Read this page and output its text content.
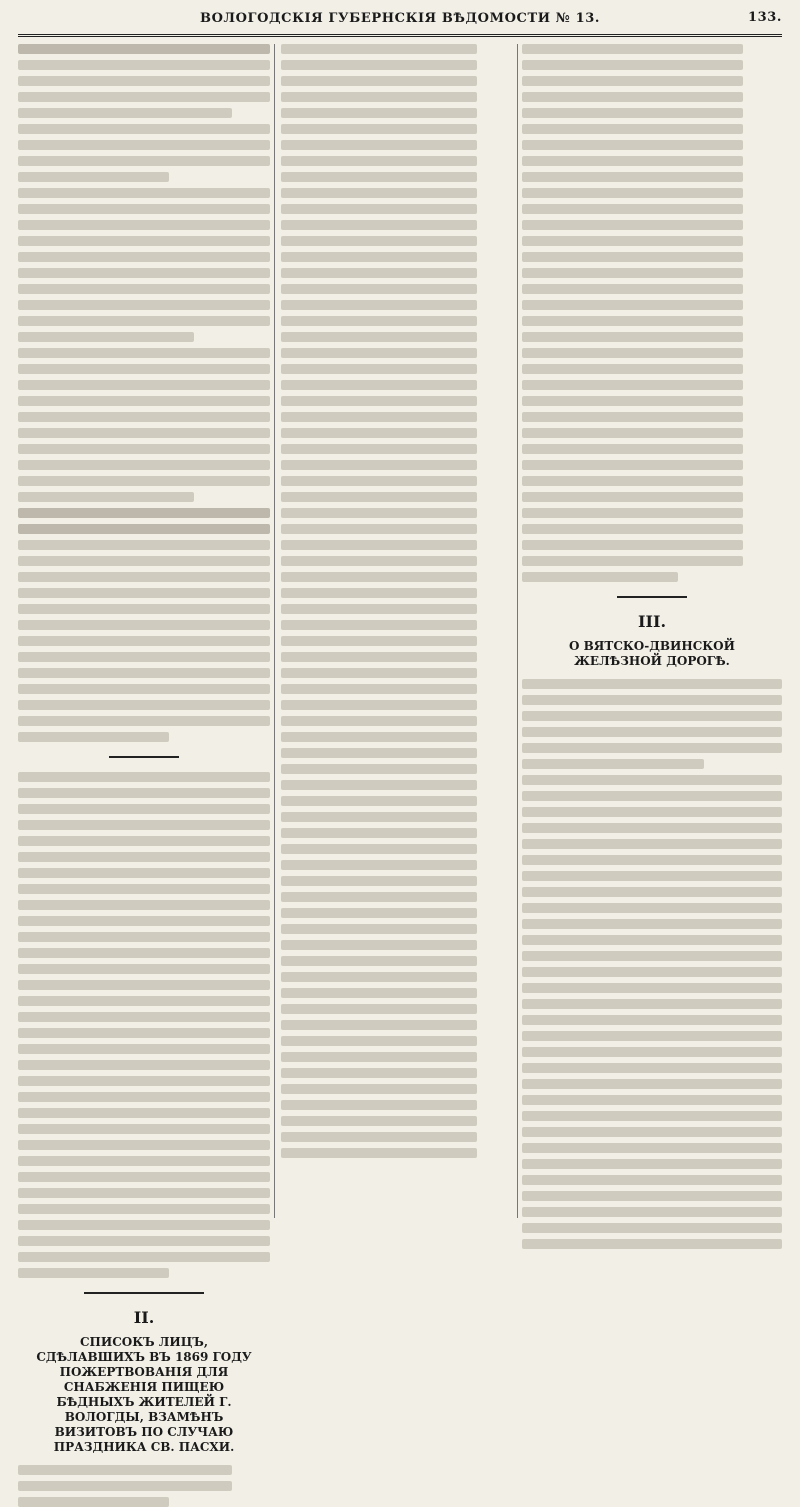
ВОЛОГОДСКІЯ ГУБЕРНСКІЯ ВѢДОМОСТИ № 13.	133.
II.
СПИСОКЪ ЛИЦЪ, СДѢЛАВШИХЪ ВЪ 1869 ГОДУ ПОЖЕРТВОВАНІЯ ДЛЯ СНАБЖЕНІЯ ПИЩЕЮ БѢДНЫХЪ ЖИТЕЛЕЙ Г. ВОЛОГДЫ, ВЗАМѢНЪ ВИЗИТОВЪ ПО СЛУЧАЮ ПРАЗДНИКА СВ. ПАСХИ.
III.
О ВЯТСКО-ДВИНСКОЙ ЖЕЛѢЗНОЙ ДОРОГѢ.
